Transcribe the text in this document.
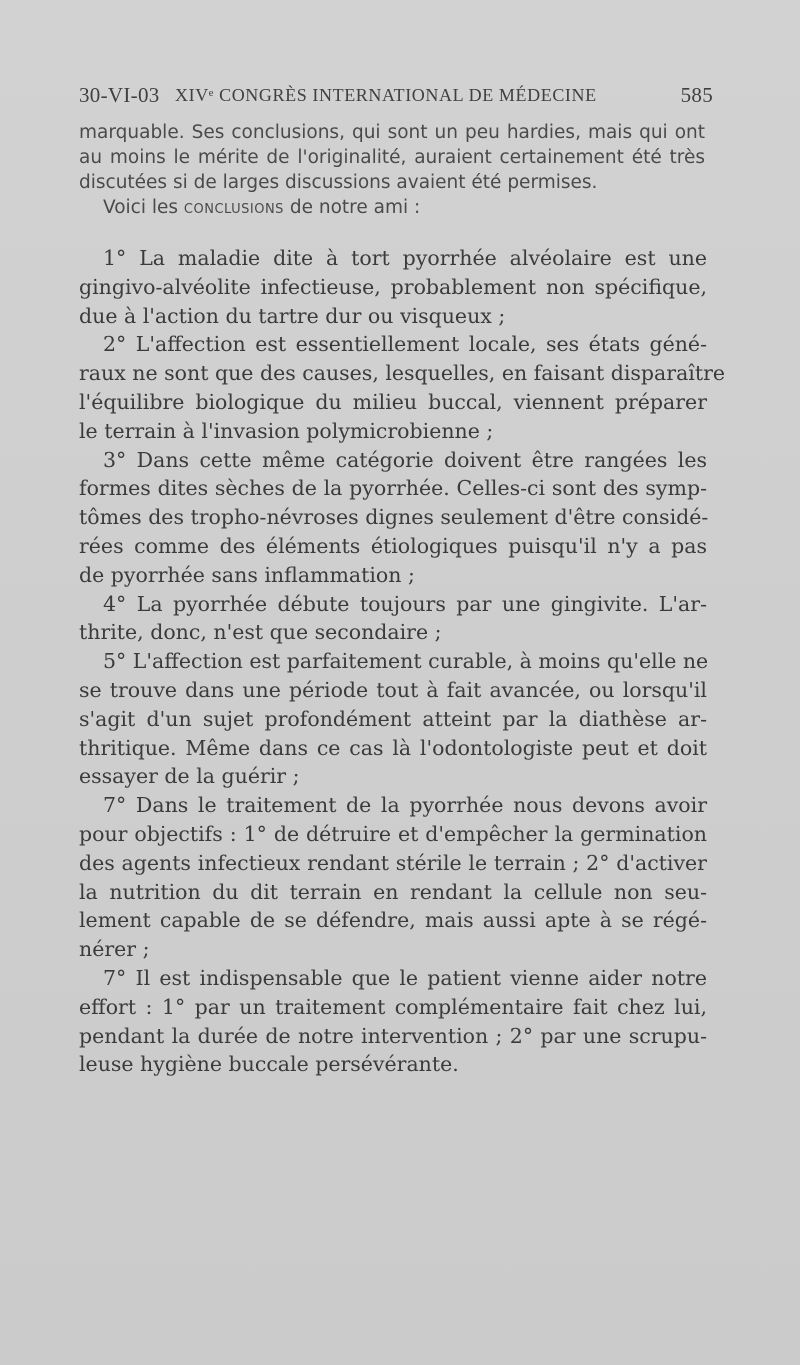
30-VI-03 XIVᵉ CONGRÈS INTERNATIONAL DE MÉDECINE	585
marquable. Ses conclusions, qui sont un peu hardies, mais qui ont
au moins le mérite de l'originalité, auraient certainement été très
discutées si de larges discussions avaient été permises.
Voici les conclusions de notre ami :
1° La maladie dite à tort pyorrhée alvéolaire est une
gingivo-alvéolite infectieuse, probablement non spécifique,
due à l'action du tartre dur ou visqueux ;
2° L'affection est essentiellement locale, ses états géné-
raux ne sont que des causes, lesquelles, en faisant disparaître
l'équilibre biologique du milieu buccal, viennent préparer
le terrain à l'invasion polymicrobienne ;
3° Dans cette même catégorie doivent être rangées les
formes dites sèches de la pyorrhée. Celles-ci sont des symp-
tômes des tropho-névroses dignes seulement d'être considé-
rées comme des éléments étiologiques puisqu'il n'y a pas
de pyorrhée sans inflammation ;
4° La pyorrhée débute toujours par une gingivite. L'ar-
thrite, donc, n'est que secondaire ;
5° L'affection est parfaitement curable, à moins qu'elle ne
se trouve dans une période tout à fait avancée, ou lorsqu'il
s'agit d'un sujet profondément atteint par la diathèse ar-
thritique. Même dans ce cas là l'odontologiste peut et doit
essayer de la guérir ;
7° Dans le traitement de la pyorrhée nous devons avoir
pour objectifs : 1° de détruire et d'empêcher la germination
des agents infectieux rendant stérile le terrain ; 2° d'activer
la nutrition du dit terrain en rendant la cellule non seu-
lement capable de se défendre, mais aussi apte à se régé-
nérer ;
7° Il est indispensable que le patient vienne aider notre
effort : 1° par un traitement complémentaire fait chez lui,
pendant la durée de notre intervention ; 2° par une scrupu-
leuse hygiène buccale persévérante.
